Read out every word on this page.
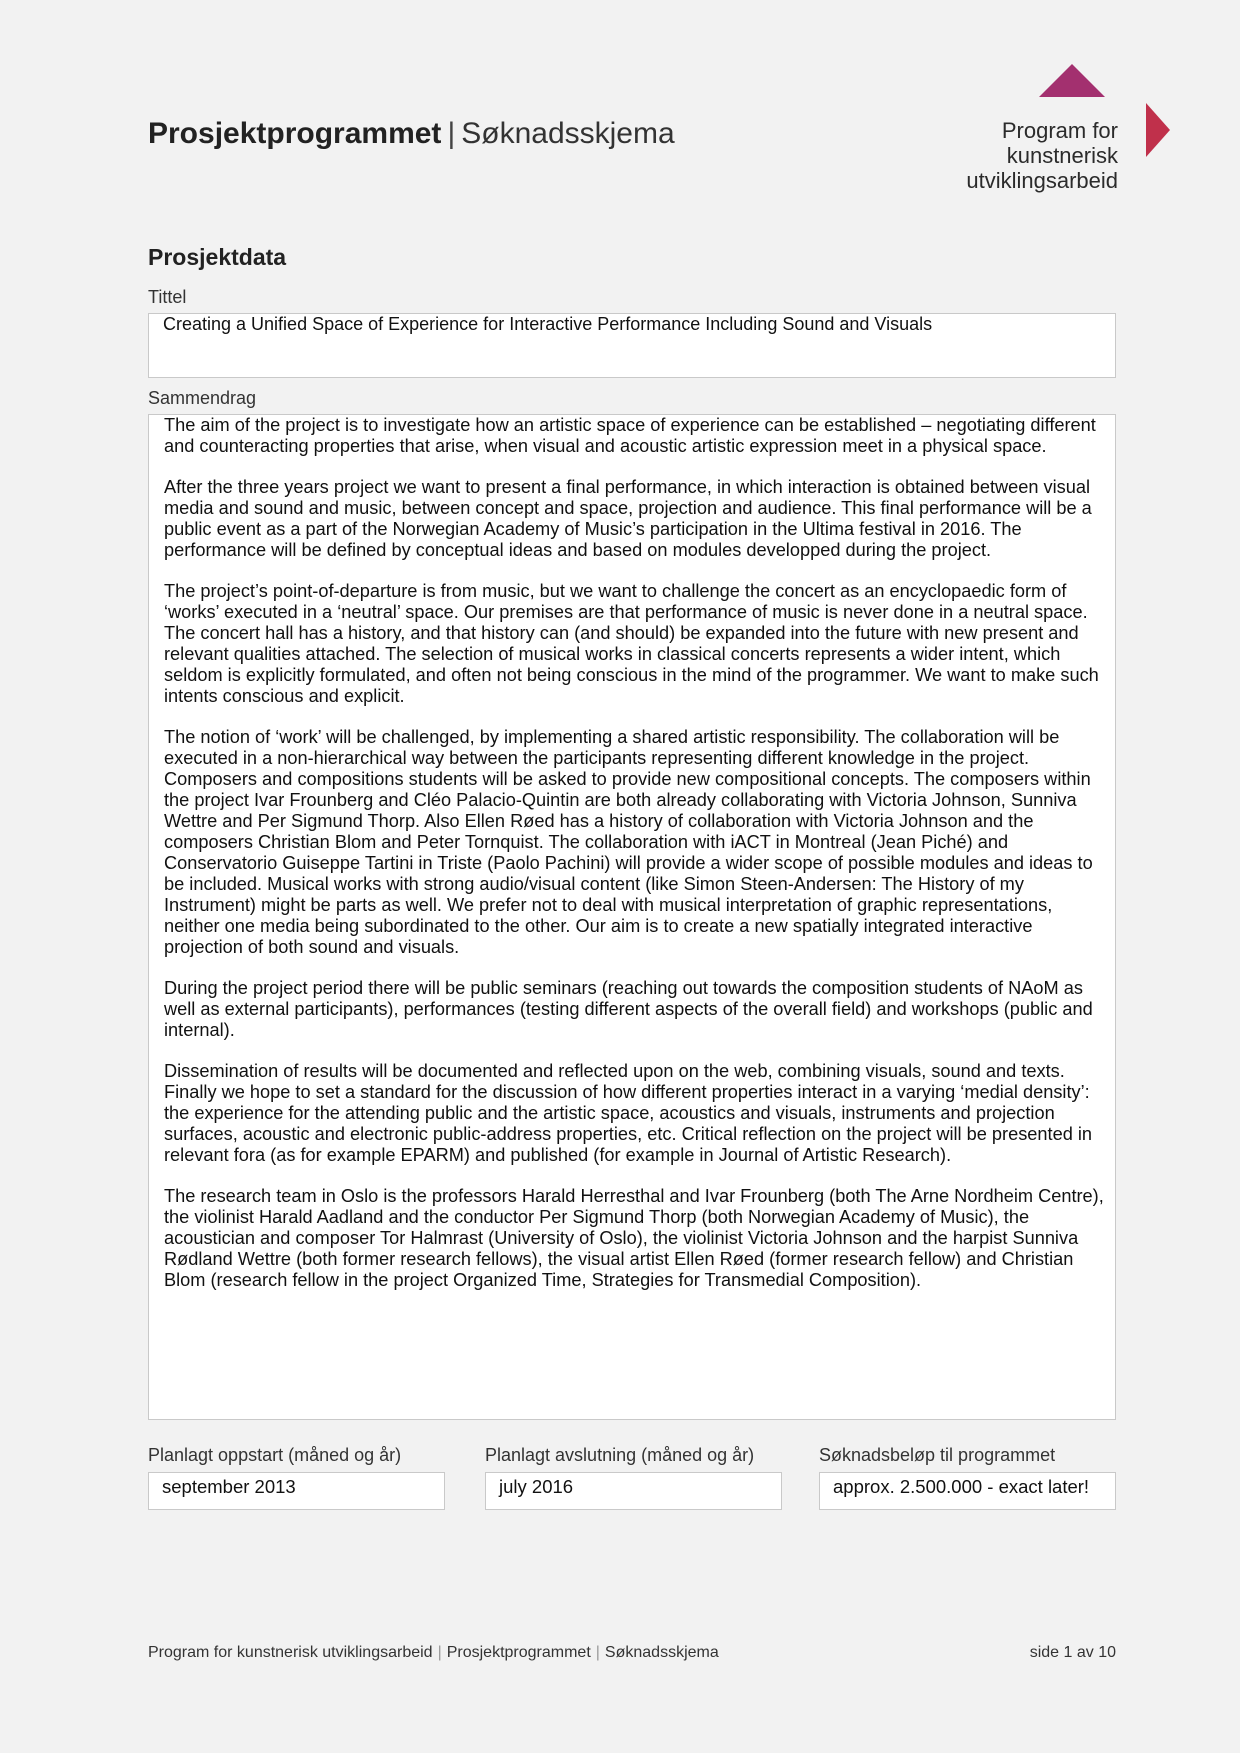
Prosjektprogrammet | Søknadsskjema	Program for
kunstnerisk
utviklingsarbeid
Prosjektdata
Tittel
Creating a Unified Space of Experience for Interactive Performance Including Sound and Visuals
Sammendrag

The aim of the project is to investigate how an artistic space of experience can be established – negotiating different and counteracting properties that arise, when visual and acoustic artistic expression meet in a physical space.

After the three years project we want to present a final performance, in which interaction is obtained between visual media and sound and music, between concept and space, projection and audience. This final performance will be a public event as a part of the Norwegian Academy of Music’s participation in the Ultima festival in 2016. The performance will be defined by conceptual ideas and based on modules developped during the project.

The project’s point-of-departure is from music, but we want to challenge the concert as an encyclopaedic form of ‘works’ executed in a ‘neutral’ space. Our premises are that performance of music is never done in a neutral space. The concert hall has a history, and that history can (and should) be expanded into the future with new present and relevant qualities attached. The selection of musical works in classical concerts represents a wider intent, which seldom is explicitly formulated, and often not being conscious in the mind of the programmer. We want to make such intents conscious and explicit.

The notion of ‘work’ will be challenged, by implementing a shared artistic responsibility. The collaboration will be executed in a non-hierarchical way between the participants representing different knowledge in the project. Composers and compositions students will be asked to provide new compositional concepts. The composers within the project Ivar Frounberg and Cléo Palacio-Quintin are both already collaborating with Victoria Johnson, Sunniva Wettre and Per Sigmund Thorp. Also Ellen Røed has a history of collaboration with Victoria Johnson and the composers Christian Blom and Peter Tornquist. The collaboration with iACT in Montreal (Jean Piché) and Conservatorio Guiseppe Tartini in Triste (Paolo Pachini) will provide a wider scope of possible modules and ideas to be included. Musical works with strong audio/visual content (like Simon Steen-Andersen: The History of my Instrument) might be parts as well. We prefer not to deal with musical interpretation of graphic representations, neither one media being subordinated to the other. Our aim is to create a new spatially integrated interactive projection of both sound and visuals.

During the project period there will be public seminars (reaching out towards the composition students of NAoM as well as external participants), performances (testing different aspects of the overall field) and workshops (public and internal).

Dissemination of results will be documented and reflected upon on the web, combining visuals, sound and texts. Finally we hope to set a standard for the discussion of how different properties interact in a varying ‘medial density’: the experience for the attending public and the artistic space, acoustics and visuals, instruments and projection surfaces, acoustic and electronic public-address properties, etc. Critical reflection on the project will be presented in relevant fora (as for example EPARM) and published (for example in Journal of Artistic Research).

The research team in Oslo is the professors Harald Herresthal and Ivar Frounberg (both The Arne Nordheim Centre), the violinist Harald Aadland and the conductor Per Sigmund Thorp (both Norwegian Academy of Music), the acoustician and composer Tor Halmrast (University of Oslo), the violinist Victoria Johnson and the harpist Sunniva Rødland Wettre (both former research fellows), the visual artist Ellen Røed (former research fellow) and Christian Blom (research fellow in the project Organized Time, Strategies for Transmedial Composition).

Planlagt oppstart (måned og år)
september 2013
Planlagt avslutning (måned og år)
july 2016
Søknadsbeløp til programmet
approx. 2.500.000 - exact later!
Program for kunstnerisk utviklingsarbeid | Prosjektprogrammet | Søknadsskjema	side 1 av 10
